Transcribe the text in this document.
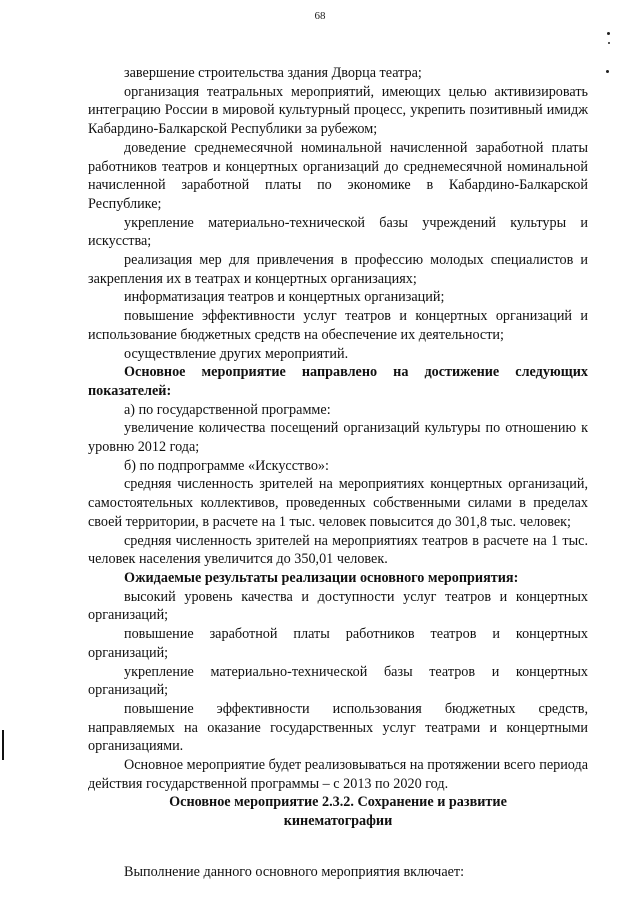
68

завершение строительства здания Дворца театра;

организация театральных мероприятий, имеющих целью активизировать интеграцию России в мировой культурный процесс, укрепить позитивный имидж Кабардино-Балкарской Республики за рубежом;

доведение среднемесячной номинальной начисленной заработной платы работников театров и концертных организаций до среднемесячной номинальной начисленной заработной платы по экономике в Кабардино-Балкарской Республике;

укрепление материально-технической базы учреждений культуры и искусства;

реализация мер для привлечения в профессию молодых специалистов и закрепления их в театрах и концертных организациях;

информатизация театров и концертных организаций;

повышение эффективности услуг театров и концертных организаций и использование бюджетных средств на обеспечение их деятельности;

осуществление других мероприятий.

Основное мероприятие направлено на достижение следующих показателей:

а) по государственной программе:

увеличение количества посещений организаций культуры по отношению к уровню 2012 года;

б) по подпрограмме «Искусство»:

средняя численность зрителей на мероприятиях концертных организаций, самостоятельных коллективов, проведенных собственными силами в пределах своей территории, в расчете на 1 тыс. человек повысится до 301,8 тыс. человек;

средняя численность зрителей на мероприятиях театров в расчете на 1 тыс. человек населения увеличится до 350,01 человек.

Ожидаемые результаты реализации основного мероприятия:

высокий уровень качества и доступности услуг театров и концертных организаций;

повышение заработной платы работников театров и концертных организаций;

укрепление материально-технической базы театров и концертных организаций;

повышение эффективности использования бюджетных средств, направляемых на оказание государственных услуг театрами и концертными организациями.

Основное мероприятие будет реализовываться на протяжении всего периода действия государственной программы – с 2013 по 2020 год.

Основное мероприятие 2.3.2. Сохранение и развитие
кинематографии

Выполнение данного основного мероприятия включает:
